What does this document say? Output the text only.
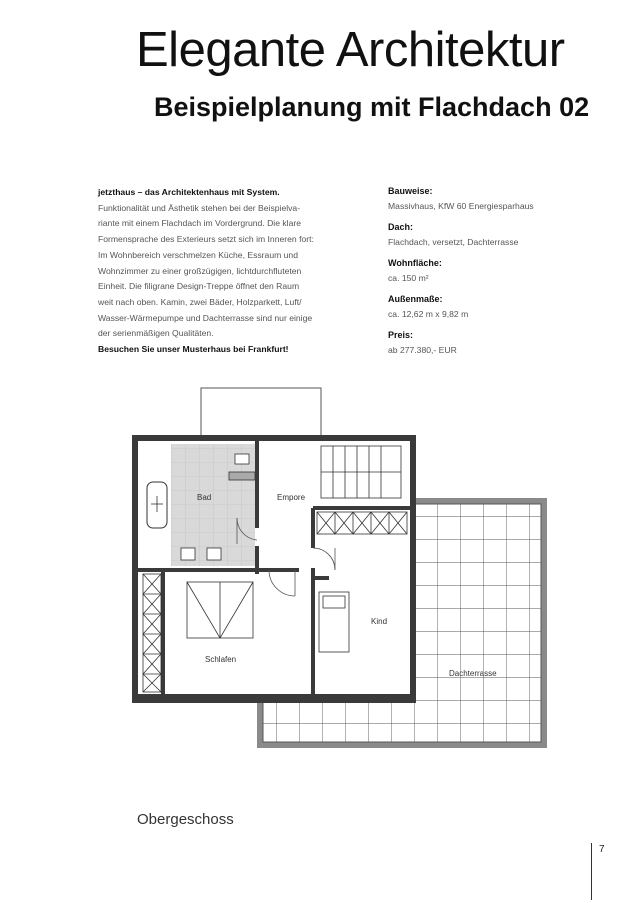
Elegante Architektur
Beispielplanung mit Flachdach 02

jetzthaus – das Architektenhaus mit System.

Funktionalität und Ästhetik stehen bei der Beispielva-

riante mit einem Flachdach im Vordergrund. Die klare

Formensprache des Exterieurs setzt sich im Inneren fort:

Im Wohnbereich verschmelzen Küche, Essraum und

Wohnzimmer zu einer großzügigen, lichtdurchfluteten

Einheit. Die filigrane Design-Treppe öffnet den Raum

weit nach oben. Kamin, zwei Bäder, Holzparkett, Luft/

Wasser-Wärmepumpe und Dachterrasse sind nur einige

der serienmäßigen Qualitäten.

Besuchen Sie unser Musterhaus bei Frankfurt!

Bauweise:
Massivhaus, KfW 60 Energiesparhaus
Dach:
Flachdach, versetzt, Dachterrasse
Wohnfläche:
ca. 150 m²
Außenmaße:
ca. 12,62 m x 9,82 m
Preis:
ab 277.380,- EUR
Bad	Empore
Kind
Schlafen
Dachterrasse
Obergeschoss
7
